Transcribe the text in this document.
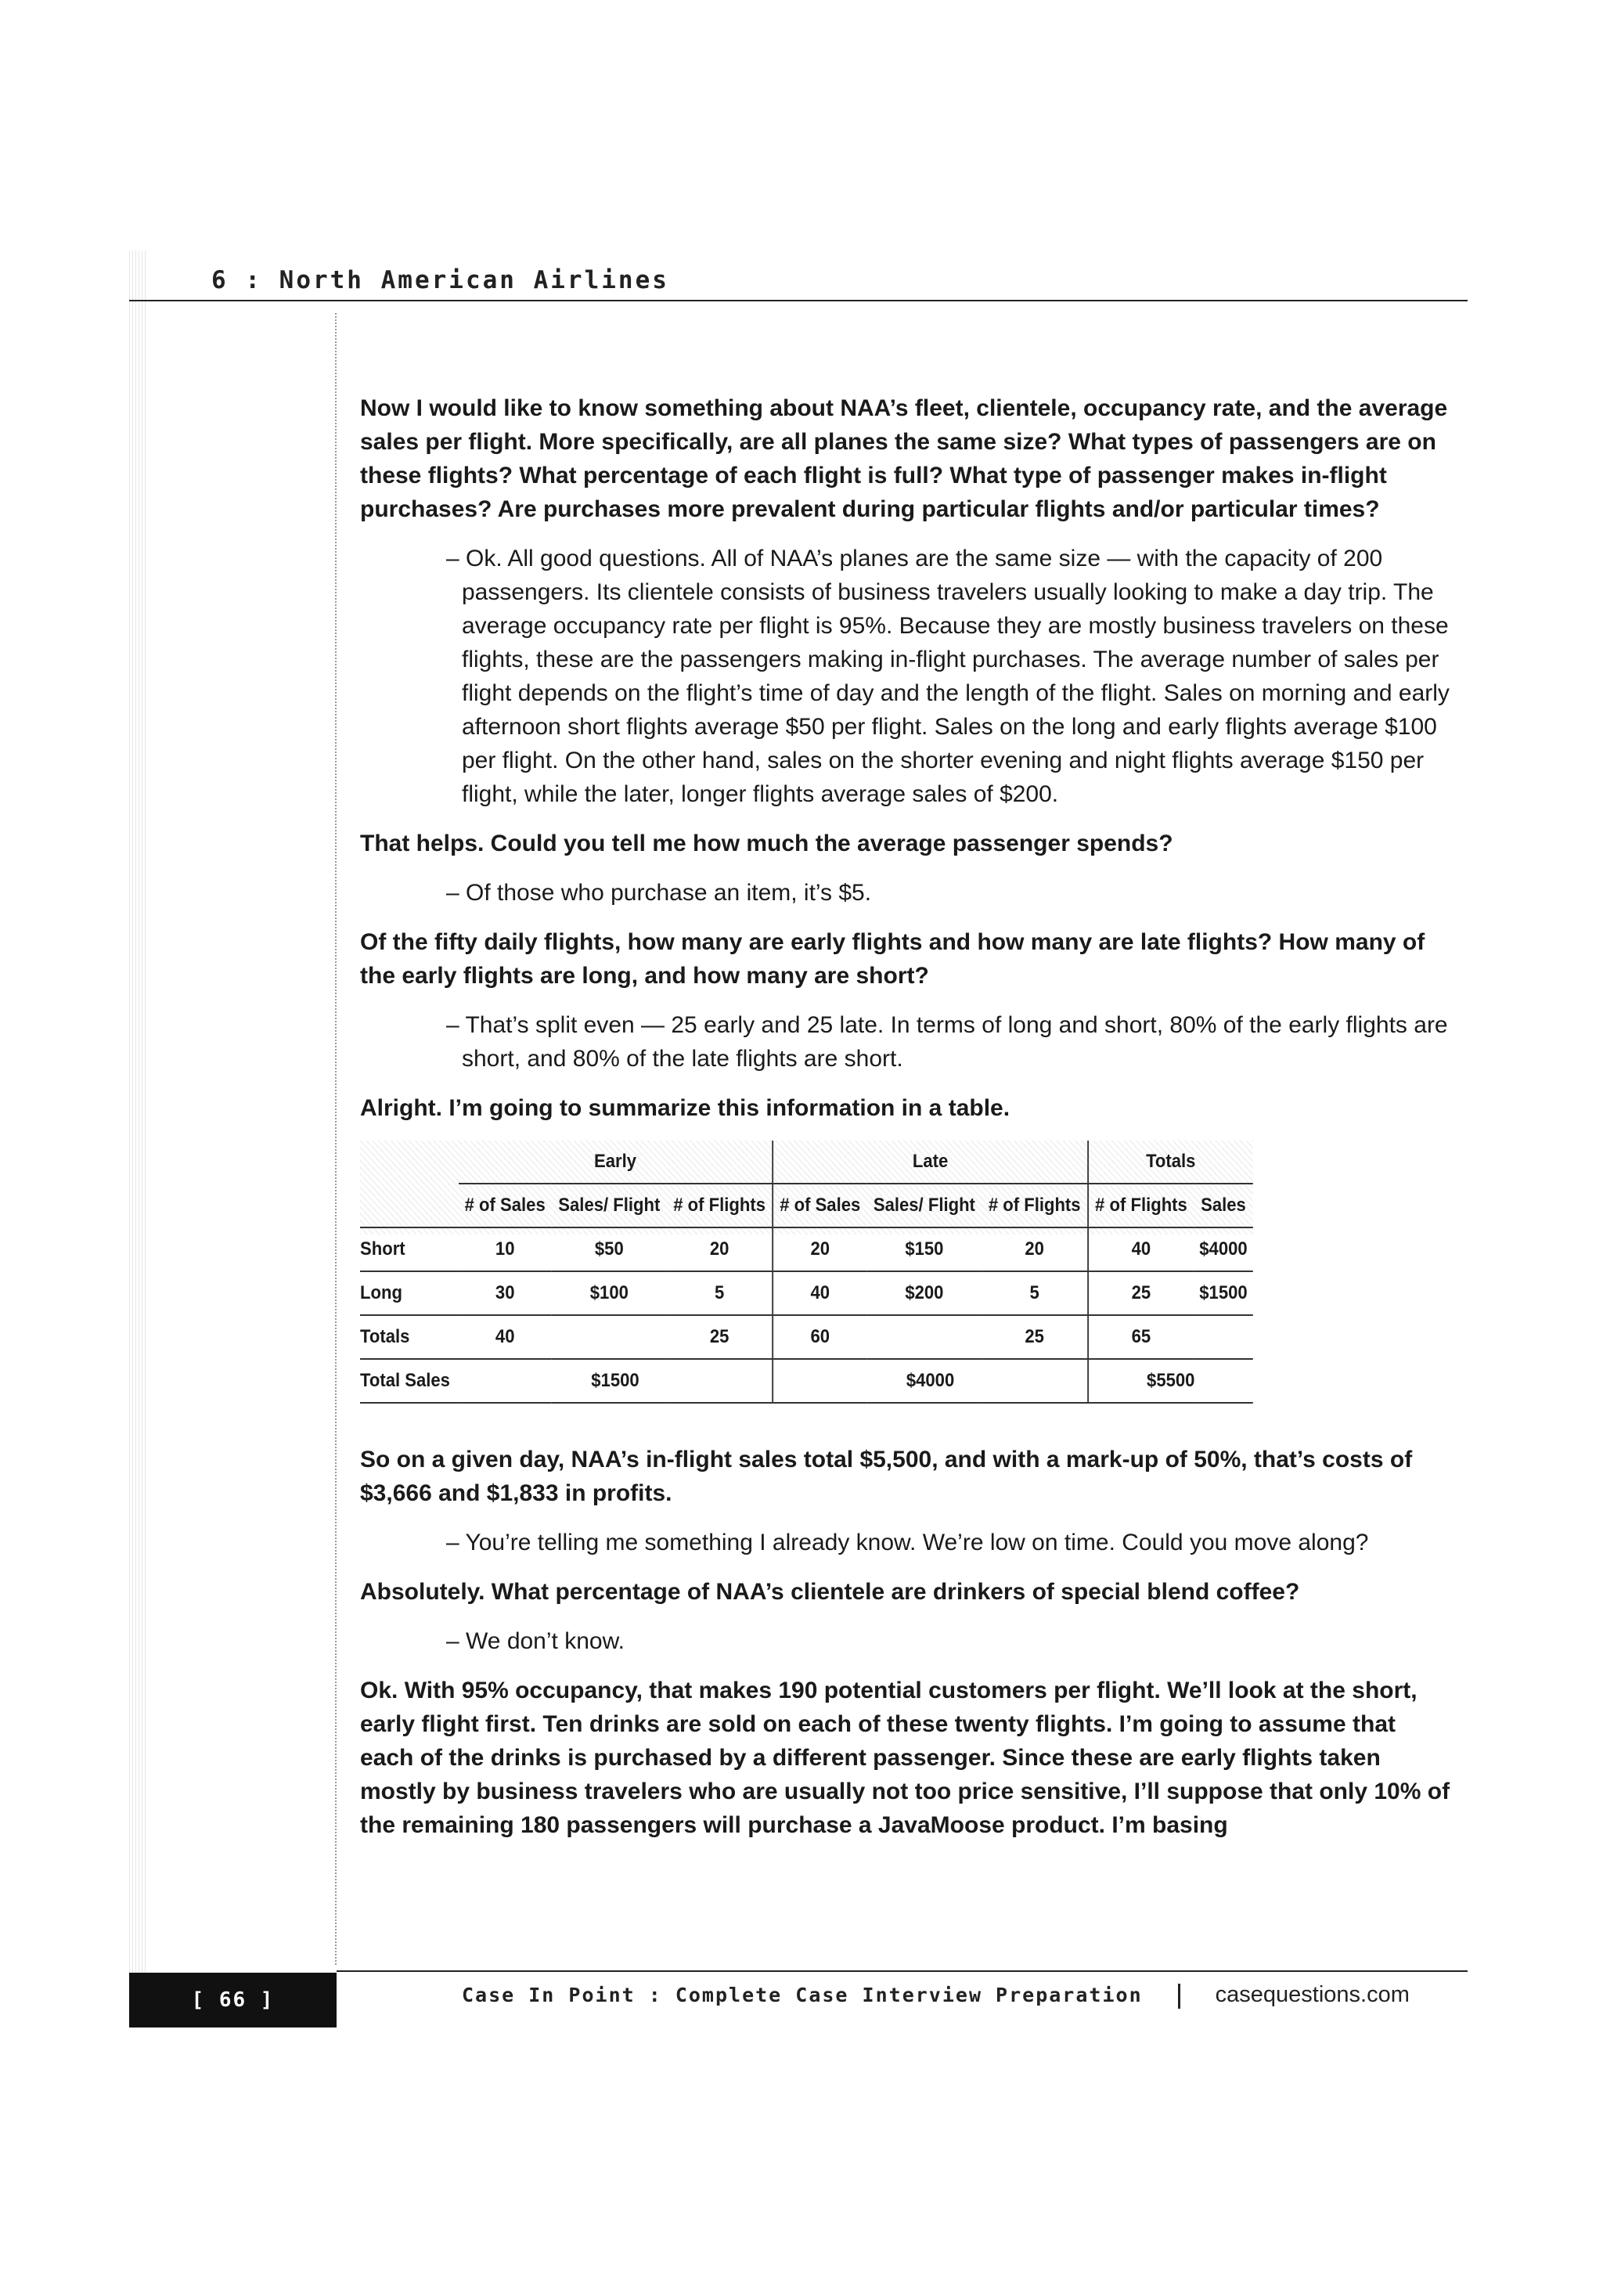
6 : North American Airlines

Now I would like to know something about NAA’s fleet, clientele, occupancy rate, and the average sales per flight. More specifically, are all planes the same size? What types of passengers are on these flights? What percentage of each flight is full? What type of passenger makes in-flight purchases? Are purchases more prevalent during particular flights and/or particular times?

– Ok. All good questions. All of NAA’s planes are the same size — with the capacity of 200 passengers. Its clientele consists of business travelers usually looking to make a day trip. The average occupancy rate per flight is 95%. Because they are mostly business travelers on these flights, these are the passengers making in-flight purchases. The average number of sales per flight depends on the flight’s time of day and the length of the flight. Sales on morning and early afternoon short flights average $50 per flight. Sales on the long and early flights average $100 per flight. On the other hand, sales on the shorter evening and night flights average $150 per flight, while the later, longer flights average sales of $200.

That helps. Could you tell me how much the average passenger spends?

– Of those who purchase an item, it’s $5.

Of the fifty daily flights, how many are early flights and how many are late flights? How many of the early flights are long, and how many are short?

– That’s split even — 25 early and 25 late. In terms of long and short, 80% of the early flights are short, and 80% of the late flights are short.

Alright. I’m going to summarize this information in a table.

	Early			Late			Totals	
	# of Sales	Sales/ Flight	# of Flights	# of Sales	Sales/ Flight	# of Flights	# of Flights	Sales
Short	10	$50	20	20	$150	20	40	$4000
Long	30	$100	5	40	$200	5	25	$1500
Totals	40		25	60		25	65	
Total Sales	$1500			$4000			$5500	

So on a given day, NAA’s in-flight sales total $5,500, and with a mark-up of 50%, that’s costs of $3,666 and $1,833 in profits.

– You’re telling me something I already know. We’re low on time. Could you move along?

Absolutely. What percentage of NAA’s clientele are drinkers of special blend coffee?

– We don’t know.

Ok. With 95% occupancy, that makes 190 potential customers per flight. We’ll look at the short, early flight first. Ten drinks are sold on each of these twenty flights. I’m going to assume that each of the drinks is purchased by a different passenger. Since these are early flights taken mostly by business travelers who are usually not too price sensitive, I’ll suppose that only 10% of the remaining 180 passengers will purchase a JavaMoose product. I’m basing

[ 66 ]	Case In Point : Complete Case Interview Preparation	casequestions.com
